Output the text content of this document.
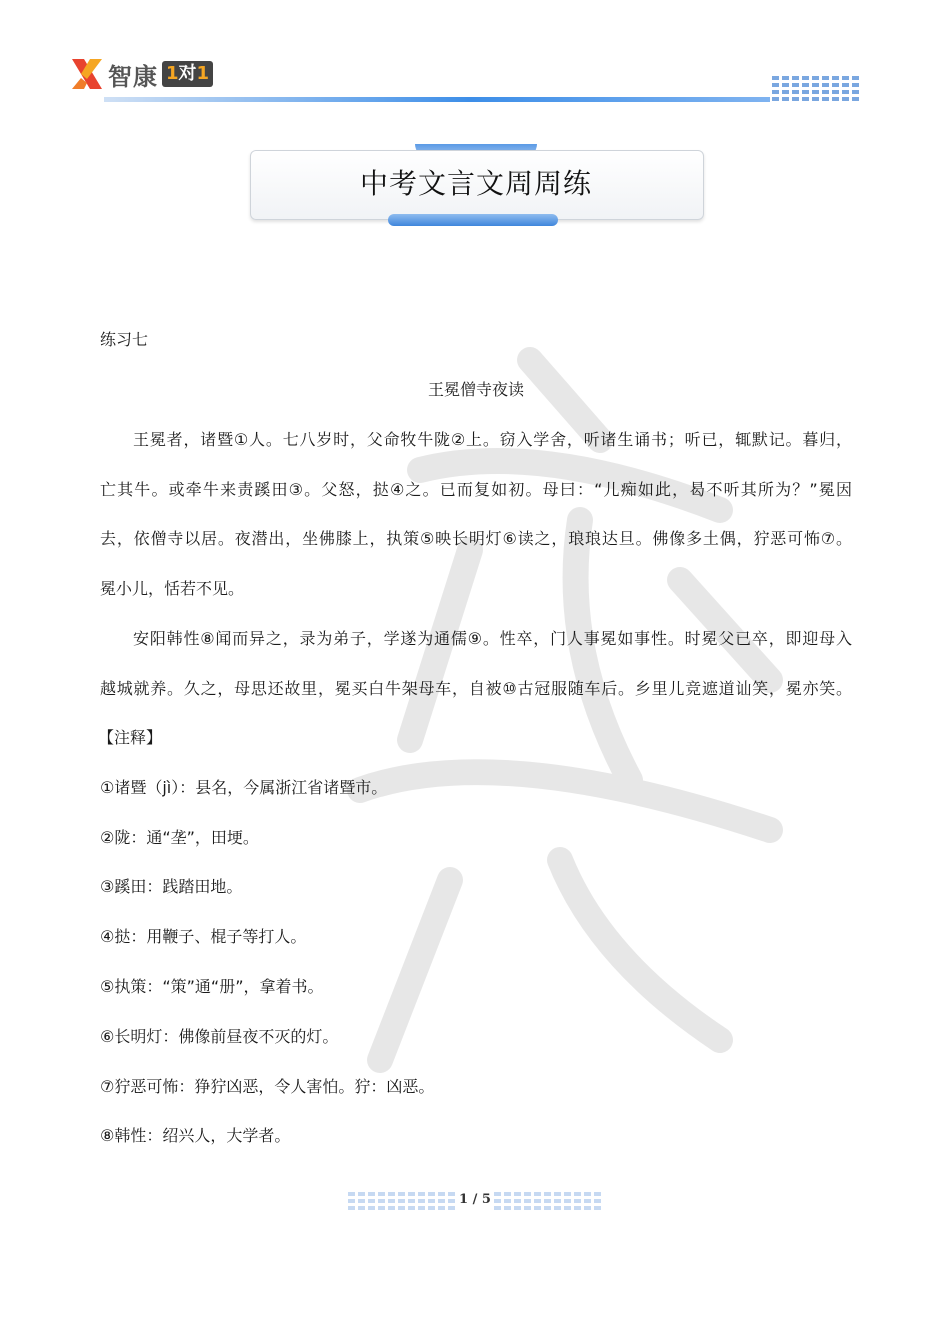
智康 1对1
中考文言文周周练
练习七
王冕僧寺夜读
王冕者，诸暨①人。七八岁时，父命牧牛陇②上。窃入学舍，听诸生诵书；听已，辄默记。暮归，
亡其牛。或牵牛来责蹊田③。父怒，挞④之。已而复如初。母曰：“儿痴如此，曷不听其所为？”冕因
去，依僧寺以居。夜潜出，坐佛膝上，执策⑤映长明灯⑥读之，琅琅达旦。佛像多土偶，狞恶可怖⑦。
冕小儿，恬若不见。
安阳韩性⑧闻而异之，录为弟子，学遂为通儒⑨。性卒，门人事冕如事性。时冕父已卒，即迎母入
越城就养。久之，母思还故里，冕买白牛架母车，自被⑩古冠服随车后。乡里儿竞遮道讪笑，冕亦笑。
【注释】
①诸暨（jì）：县名，今属浙江省诸暨市。
②陇：通“垄”，田埂。
③蹊田：践踏田地。
④挞：用鞭子、棍子等打人。
⑤执策：“策”通“册”，拿着书。
⑥长明灯：佛像前昼夜不灭的灯。
⑦狞恶可怖：狰狞凶恶，令人害怕。狞：凶恶。
⑧韩性：绍兴人，大学者。
1 / 5
